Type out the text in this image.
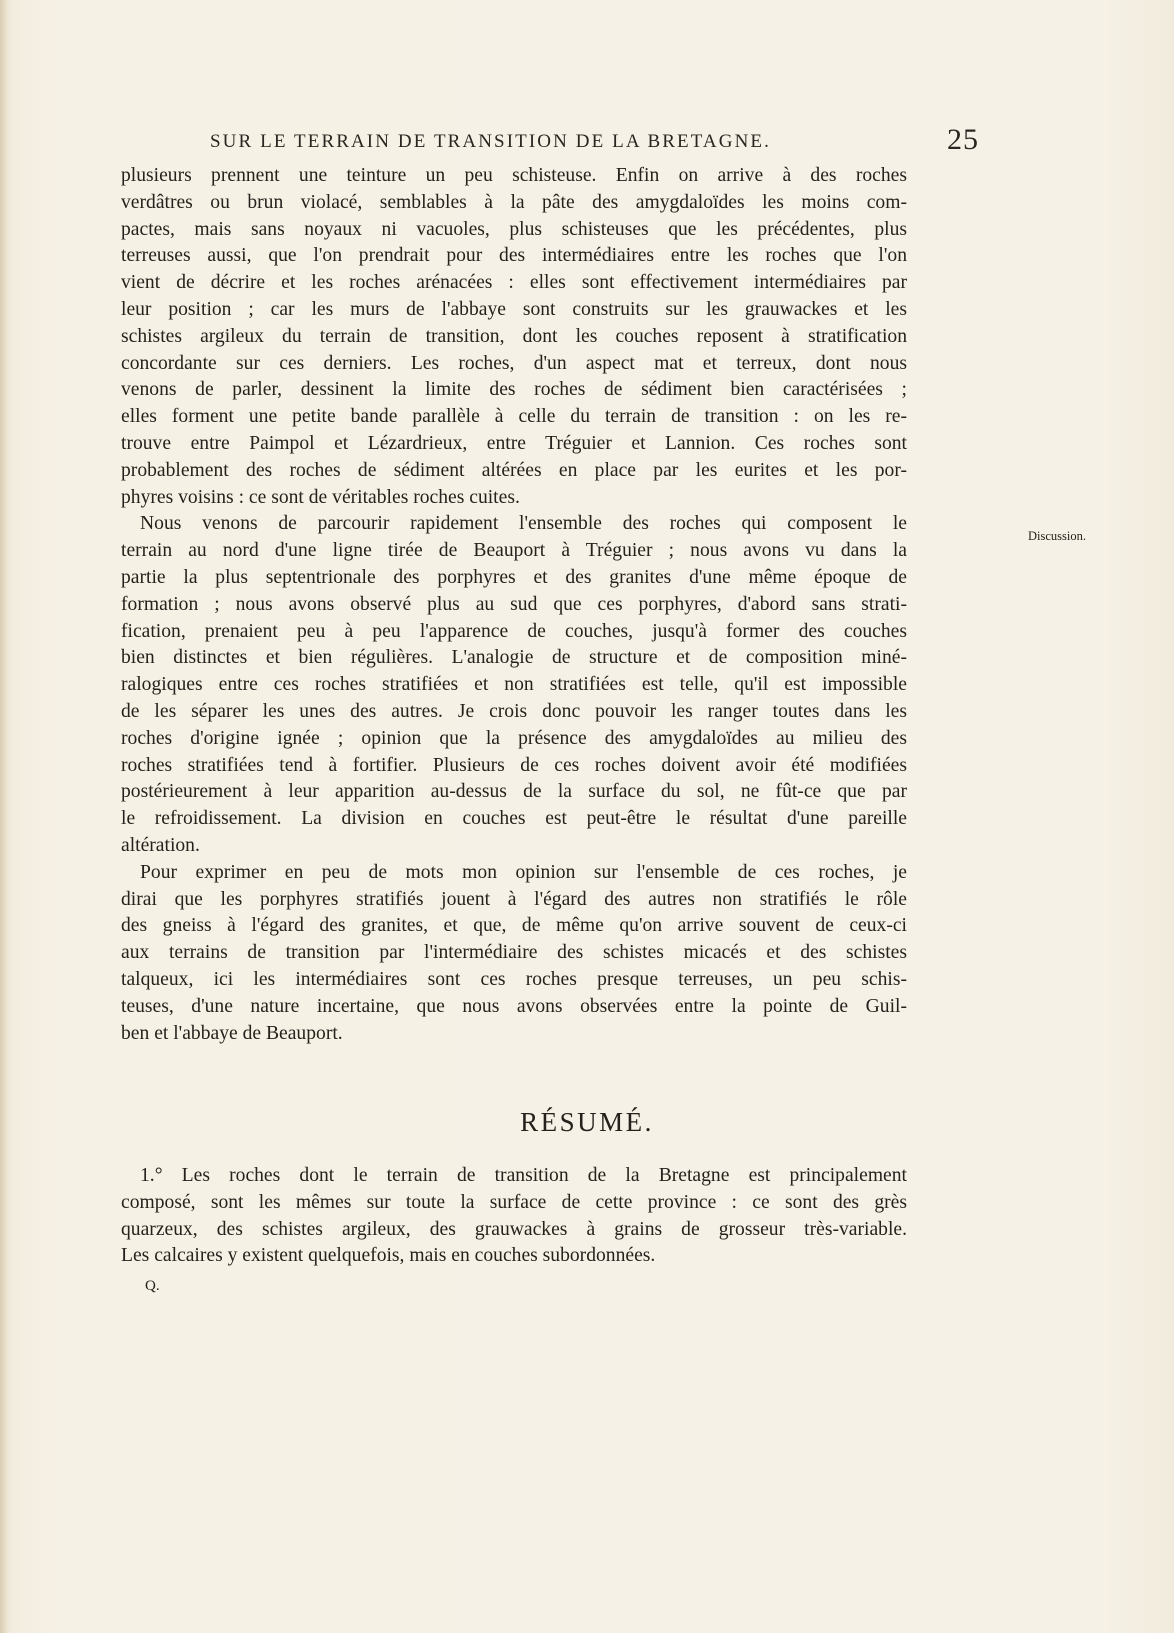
SUR LE TERRAIN DE TRANSITION DE LA BRETAGNE.	25
plusieurs prennent une teinture un peu schisteuse. Enfin on arrive à des roches
verdâtres ou brun violacé, semblables à la pâte des amygdaloïdes les moins com-
pactes, mais sans noyaux ni vacuoles, plus schisteuses que les précédentes, plus
terreuses aussi, que l'on prendrait pour des intermédiaires entre les roches que l'on
vient de décrire et les roches arénacées : elles sont effectivement intermédiaires par
leur position ; car les murs de l'abbaye sont construits sur les grauwackes et les
schistes argileux du terrain de transition, dont les couches reposent à stratification
concordante sur ces derniers. Les roches, d'un aspect mat et terreux, dont nous
venons de parler, dessinent la limite des roches de sédiment bien caractérisées ;
elles forment une petite bande parallèle à celle du terrain de transition : on les re-
trouve entre Paimpol et Lézardrieux, entre Tréguier et Lannion. Ces roches sont
probablement des roches de sédiment altérées en place par les eurites et les por-
phyres voisins : ce sont de véritables roches cuites.
Nous venons de parcourir rapidement l'ensemble des roches qui composent le
terrain au nord d'une ligne tirée de Beauport à Tréguier ; nous avons vu dans la
partie la plus septentrionale des porphyres et des granites d'une même époque de
formation ; nous avons observé plus au sud que ces porphyres, d'abord sans strati-
fication, prenaient peu à peu l'apparence de couches, jusqu'à former des couches
bien distinctes et bien régulières. L'analogie de structure et de composition miné-
ralogiques entre ces roches stratifiées et non stratifiées est telle, qu'il est impossible
de les séparer les unes des autres. Je crois donc pouvoir les ranger toutes dans les
roches d'origine ignée ; opinion que la présence des amygdaloïdes au milieu des
roches stratifiées tend à fortifier. Plusieurs de ces roches doivent avoir été modifiées
postérieurement à leur apparition au-dessus de la surface du sol, ne fût-ce que par
le refroidissement. La division en couches est peut-être le résultat d'une pareille
altération.
Pour exprimer en peu de mots mon opinion sur l'ensemble de ces roches, je
dirai que les porphyres stratifiés jouent à l'égard des autres non stratifiés le rôle
des gneiss à l'égard des granites, et que, de même qu'on arrive souvent de ceux-ci
aux terrains de transition par l'intermédiaire des schistes micacés et des schistes
talqueux, ici les intermédiaires sont ces roches presque terreuses, un peu schis-
teuses, d'une nature incertaine, que nous avons observées entre la pointe de Guil-
ben et l'abbaye de Beauport.
Discussion.
RÉSUMÉ.
1.° Les roches dont le terrain de transition de la Bretagne est principalement
composé, sont les mêmes sur toute la surface de cette province : ce sont des grès
quarzeux, des schistes argileux, des grauwackes à grains de grosseur très-variable.
Les calcaires y existent quelquefois, mais en couches subordonnées.
Q.
